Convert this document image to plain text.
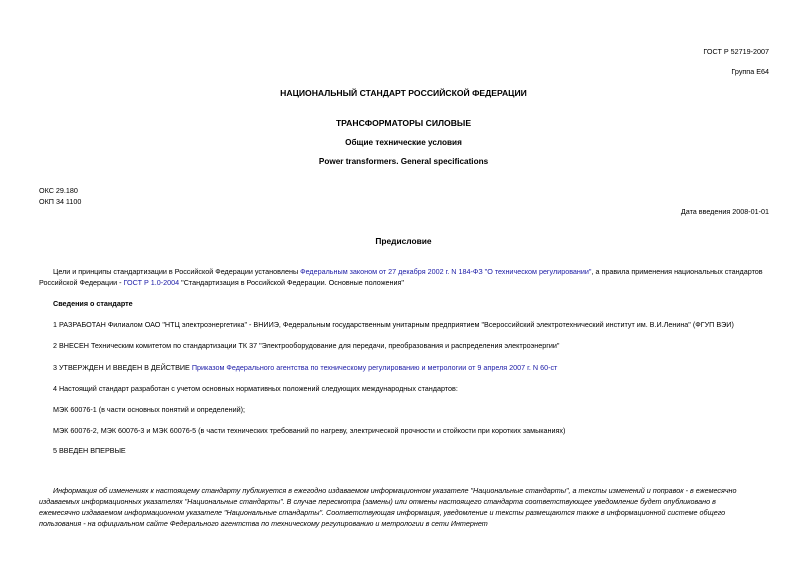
ГОСТ Р 52719-2007
Группа Е64
НАЦИОНАЛЬНЫЙ СТАНДАРТ РОССИЙСКОЙ ФЕДЕРАЦИИ
ТРАНСФОРМАТОРЫ СИЛОВЫЕ
Общие технические условия
Power transformers. General specifications
ОКС 29.180
ОКП 34 1100
Дата введения 2008-01-01
Предисловие
Цели и принципы стандартизации в Российской Федерации установлены Федеральным законом от 27 декабря 2002 г. N 184-ФЗ "О техническом регулировании", а правила применения национальных стандартов
Российской Федерации - ГОСТ Р 1.0-2004 "Стандартизация в Российской Федерации. Основные положения"
Сведения о стандарте
1 РАЗРАБОТАН Филиалом ОАО "НТЦ электроэнергетика" - ВНИИЭ, Федеральным государственным унитарным предприятием "Всероссийский электротехнический институт им. В.И.Ленина" (ФГУП ВЭИ)
2 ВНЕСЕН Техническим комитетом по стандартизации ТК 37 "Электрооборудование для передачи, преобразования и распределения электроэнергии"
3 УТВЕРЖДЕН И ВВЕДЕН В ДЕЙСТВИЕ Приказом Федерального агентства по техническому регулированию и метрологии от 9 апреля 2007 г. N 60-ст
4 Настоящий стандарт разработан с учетом основных нормативных положений следующих международных стандартов:
МЭК 60076-1 (в части основных понятий и определений);
МЭК 60076-2, МЭК 60076-3 и МЭК 60076-5 (в части технических требований по нагреву, электрической прочности и стойкости при коротких замыканиях)
5 ВВЕДЕН ВПЕРВЫЕ
Информация об изменениях к настоящему стандарту публикуется в ежегодно издаваемом информационном указателе "Национальные стандарты", а тексты изменений и поправок - в ежемесячно
издаваемых информационных указателях "Национальные стандарты". В случае пересмотра (замены) или отмены настоящего стандарта соответствующее уведомление будет опубликовано в
ежемесячно издаваемом информационном указателе "Национальные стандарты". Соответствующая информация, уведомление и тексты размещаются также в информационной системе общего
пользования - на официальном сайте Федерального агентства по техническому регулированию и метрологии в сети Интернет
